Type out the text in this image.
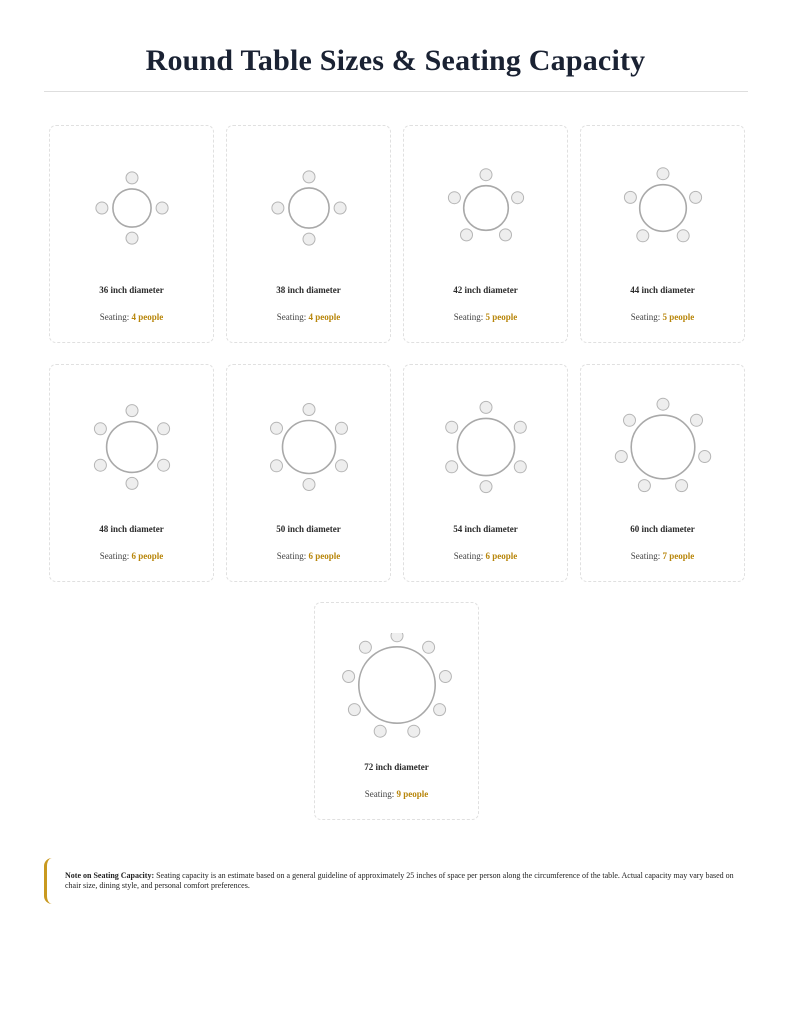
Round Table Sizes & Seating Capacity
36 inch diameter
Seating: 4 people
38 inch diameter
Seating: 4 people
42 inch diameter
Seating: 5 people
44 inch diameter
Seating: 5 people
48 inch diameter
Seating: 6 people
50 inch diameter
Seating: 6 people
54 inch diameter
Seating: 6 people
60 inch diameter
Seating: 7 people
72 inch diameter
Seating: 9 people
Note on Seating Capacity: Seating capacity is an estimate based on a general guideline of approximately 25 inches of space per person along the circumference of the table. Actual capacity may vary based on chair size, dining style, and personal comfort preferences.
